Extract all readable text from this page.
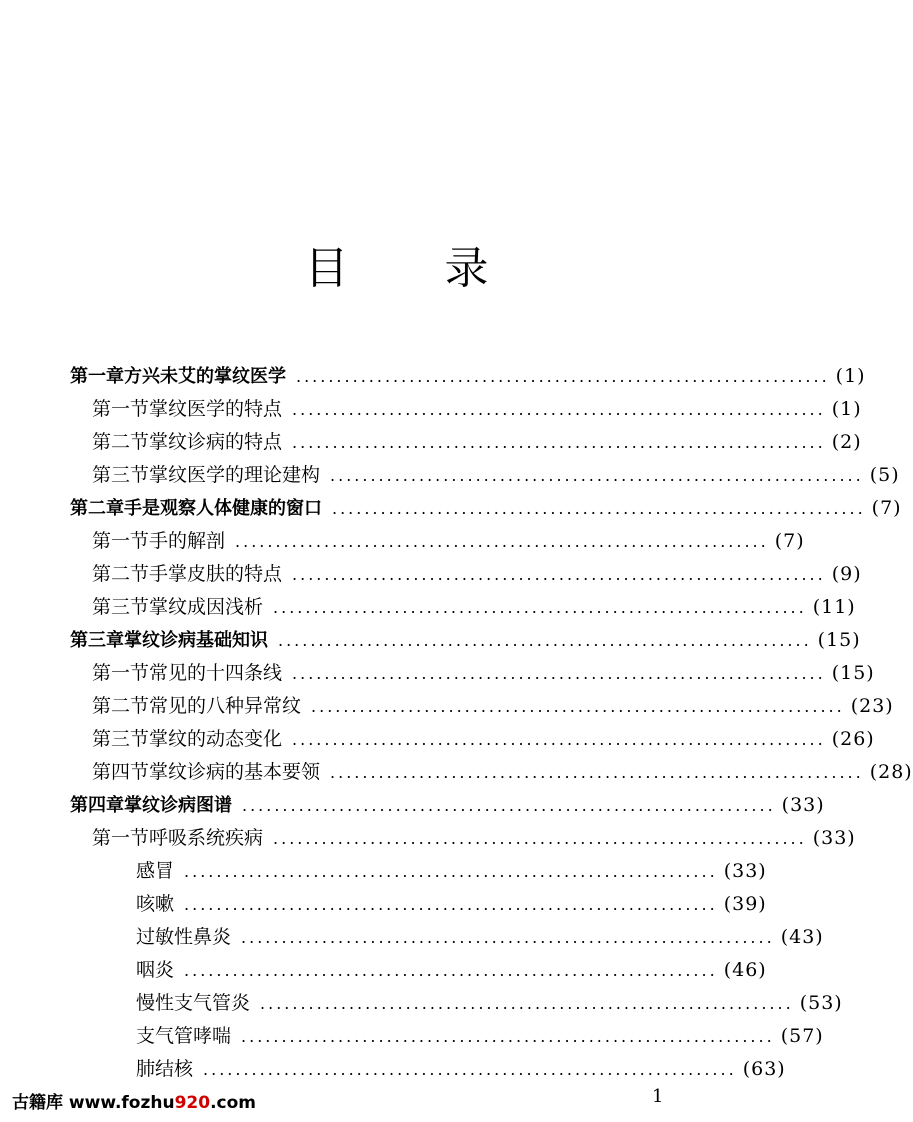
目 录
第一章 方兴未艾的掌纹医学 .................................................................. (1)
第一节 掌纹医学的特点 .................................................................. (1)
第二节 掌纹诊病的特点 .................................................................. (2)
第三节 掌纹医学的理论建构 .................................................................. (5)
第二章 手是观察人体健康的窗口 .................................................................. (7)
第一节 手的解剖 .................................................................. (7)
第二节 手掌皮肤的特点 .................................................................. (9)
第三节 掌纹成因浅析 .................................................................. (11)
第三章 掌纹诊病基础知识 .................................................................. (15)
第一节 常见的十四条线 .................................................................. (15)
第二节 常见的八种异常纹 .................................................................. (23)
第三节 掌纹的动态变化 .................................................................. (26)
第四节 掌纹诊病的基本要领 .................................................................. (28)
第四章 掌纹诊病图谱 .................................................................. (33)
第一节 呼吸系统疾病 .................................................................. (33)
感冒 .................................................................. (33)
咳嗽 .................................................................. (39)
过敏性鼻炎 .................................................................. (43)
咽炎 .................................................................. (46)
慢性支气管炎 .................................................................. (53)
支气管哮喘 .................................................................. (57)
肺结核 .................................................................. (63)
古籍库 www.fozhu920.com	1
